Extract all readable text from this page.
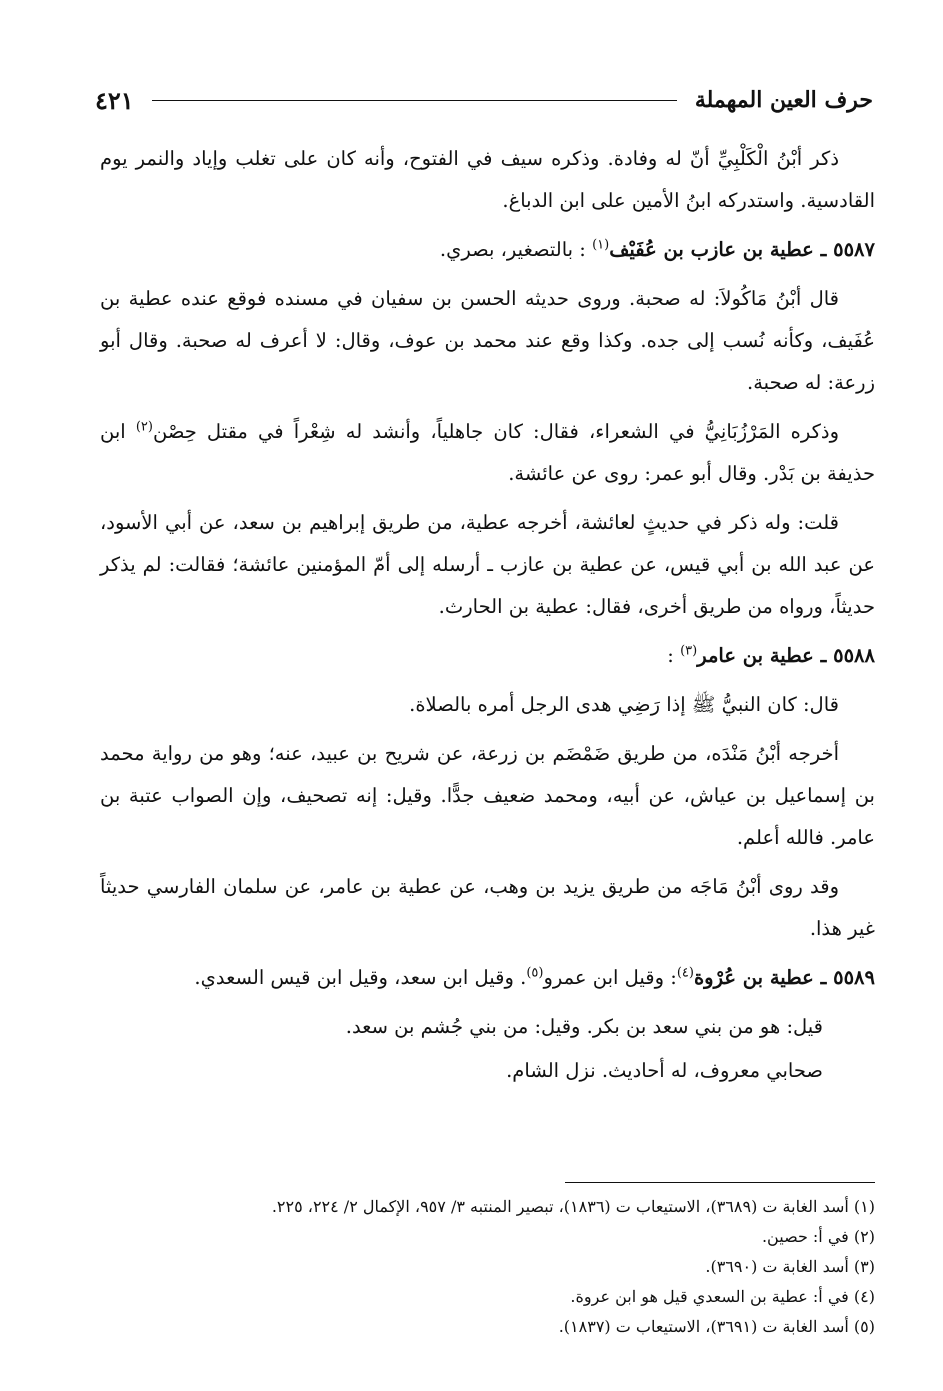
حرف العين المهملة
٤٢١

ذكر أبْنُ الْكَلْبِيِّ أنّ له وفادة. وذكره سيف في الفتوح، وأنه كان على تغلب وإياد والنمر يوم القادسية. واستدركه ابنُ الأمين على ابن الدباغ.

٥٥٨٧ ـ عطية بن عازب بن عُفَيْف$^{(١)}$ : بالتصغير، بصري.

قال أبْنُ مَاكُولاَ: له صحبة. وروى حديثه الحسن بن سفيان في مسنده فوقع عنده عطية بن عُفَيف، وكأنه نُسب إلى جده. وكذا وقع عند محمد بن عوف، وقال: لا أعرف له صحبة. وقال أبو زرعة: له صحبة.

وذكره المَرْزُبَانِيُّ في الشعراء، فقال: كان جاهلياً، وأنشد له شِعْراً في مقتل حِصْن$^{(٢)}$ ابن حذيفة بن بَدْر. وقال أبو عمر: روى عن عائشة.

قلت: وله ذكر في حديثٍ لعائشة، أخرجه عطية، من طريق إبراهيم بن سعد، عن أبي الأسود، عن عبد الله بن أبي قيس، عن عطية بن عازب ـ أرسله إلى أمّ المؤمنين عائشة؛ فقالت: لم يذكر حديثاً، ورواه من طريق أخرى، فقال: عطية بن الحارث.

٥٥٨٨ ـ عطية بن عامر$^{(٣)}$ :

قال: كان النبيُّ ﷺ إذا رَضِي هدى الرجل أمره بالصلاة.

أخرجه أبْنُ مَنْدَه، من طريق ضَمْضَم بن زرعة، عن شريح بن عبيد، عنه؛ وهو من رواية محمد بن إسماعيل بن عياش، عن أبيه، ومحمد ضعيف جدًّا. وقيل: إنه تصحيف، وإن الصواب عتبة بن عامر. فالله أعلم.

وقد روى أبْنُ مَاجَه من طريق يزيد بن وهب، عن عطية بن عامر، عن سلمان الفارسي حديثاً غير هذا.

٥٥٨٩ ـ عطية بن عُرْوة$^{(٤)}$: وقيل ابن عمرو$^{(٥)}$. وقيل ابن سعد، وقيل ابن قيس السعدي.

قيل: هو من بني سعد بن بكر. وقيل: من بني جُشم بن سعد.

صحابي معروف، له أحاديث. نزل الشام.

(١) أسد الغابة ت (٣٦٨٩)، الاستيعاب ت (١٨٣٦)، تبصير المنتبه ٣/ ٩٥٧، الإكمال ٢/ ٢٢٤، ٢٢٥.

(٢) في أ: حصين.

(٣) أسد الغابة ت (٣٦٩٠).

(٤) في أ: عطية بن السعدي قيل هو ابن عروة.

(٥) أسد الغابة ت (٣٦٩١)، الاستيعاب ت (١٨٣٧).
